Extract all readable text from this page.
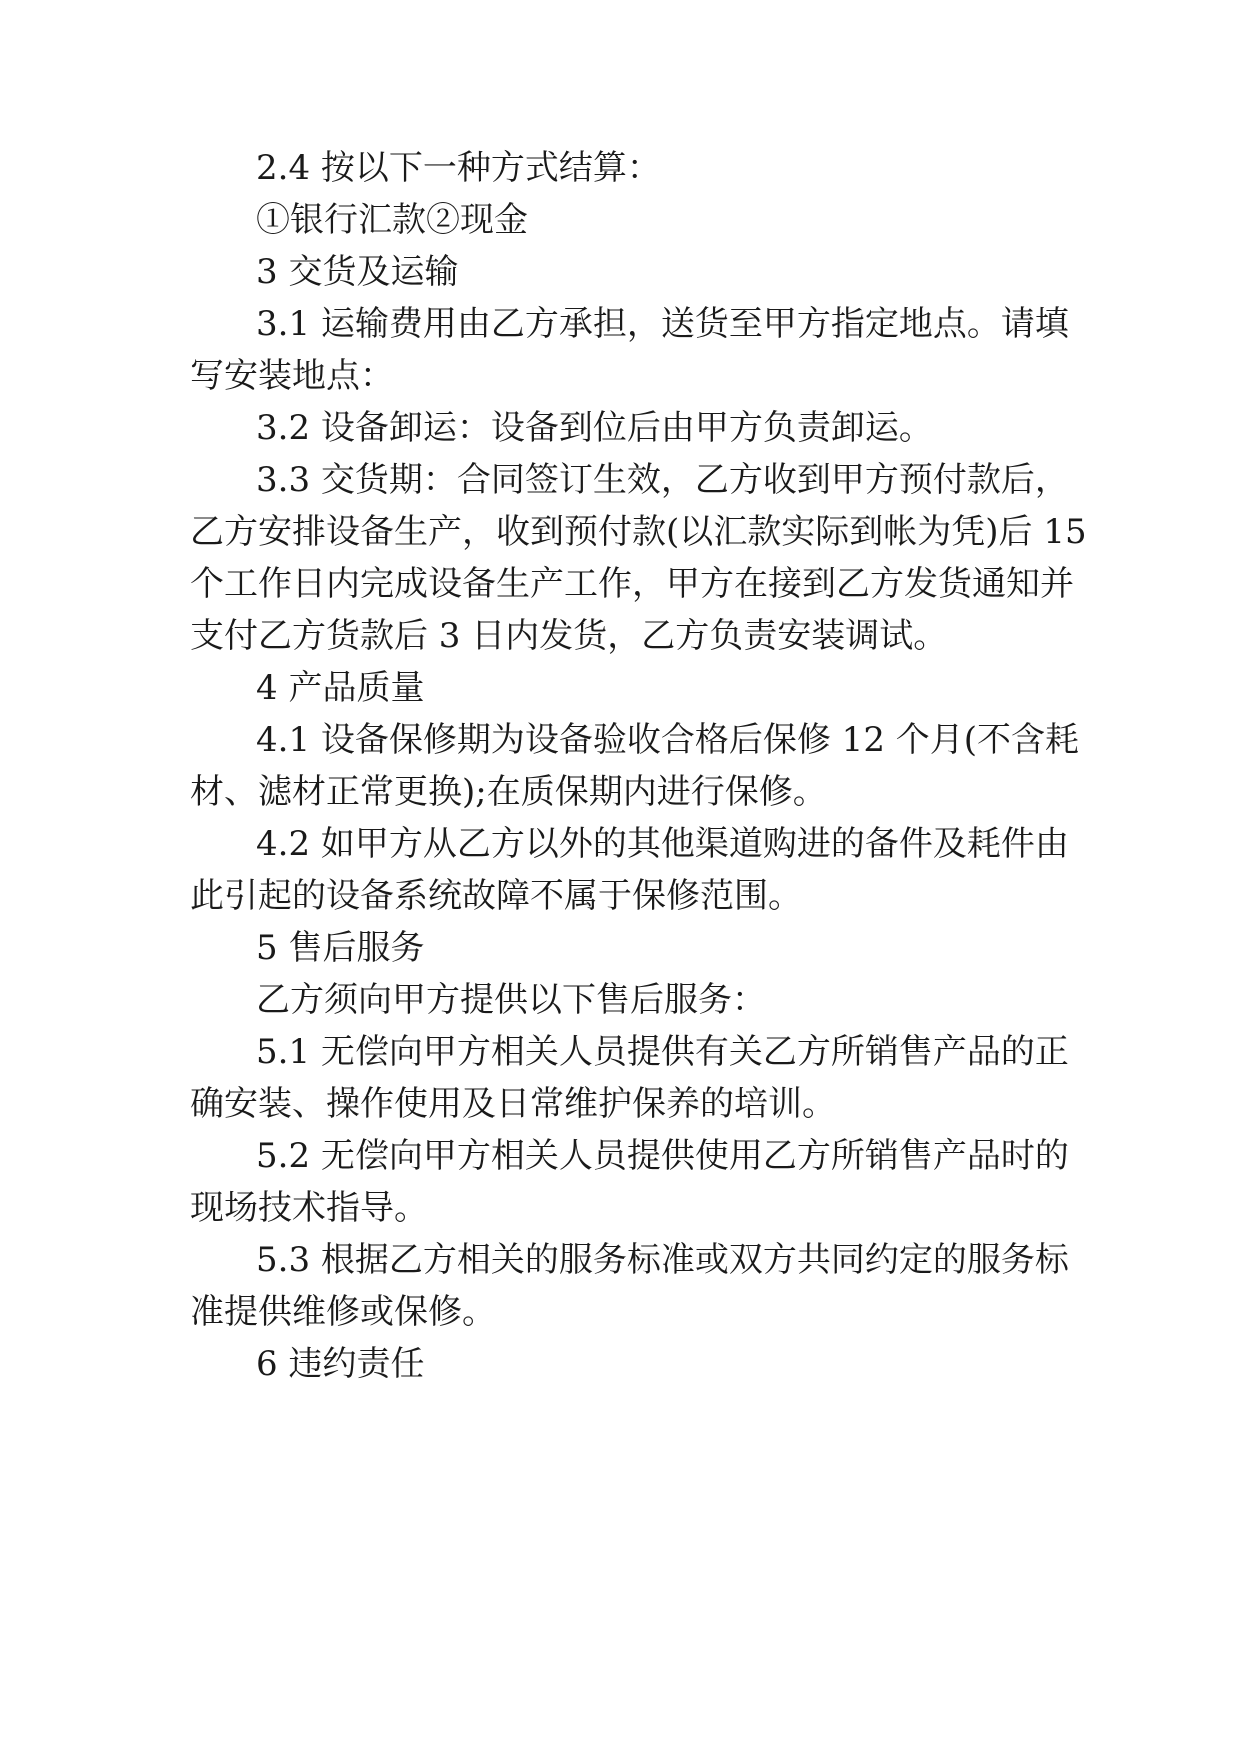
2.4 按以下一种方式结算：
①银行汇款②现金
3 交货及运输
3.1 运输费用由乙方承担，送货至甲方指定地点。请填
写安装地点：
3.2 设备卸运：设备到位后由甲方负责卸运。
3.3 交货期：合同签订生效，乙方收到甲方预付款后，
乙方安排设备生产，收到预付款(以汇款实际到帐为凭)后 15
个工作日内完成设备生产工作，甲方在接到乙方发货通知并
支付乙方货款后 3 日内发货，乙方负责安装调试。
4 产品质量
4.1 设备保修期为设备验收合格后保修 12 个月(不含耗
材、滤材正常更换);在质保期内进行保修。
4.2 如甲方从乙方以外的其他渠道购进的备件及耗件由
此引起的设备系统故障不属于保修范围。
5 售后服务
乙方须向甲方提供以下售后服务：
5.1 无偿向甲方相关人员提供有关乙方所销售产品的正
确安装、操作使用及日常维护保养的培训。
5.2 无偿向甲方相关人员提供使用乙方所销售产品时的
现场技术指导。
5.3 根据乙方相关的服务标准或双方共同约定的服务标
准提供维修或保修。
6 违约责任
